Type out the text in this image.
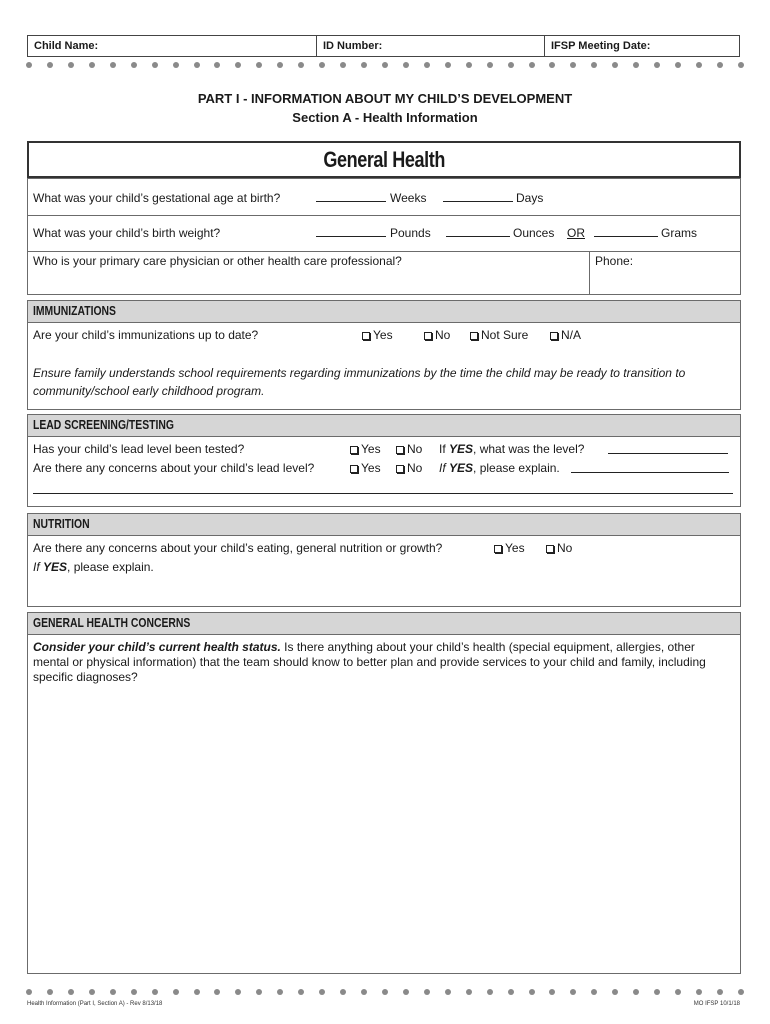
Child Name:	ID Number:	IFSP Meeting Date:
PART I - INFORMATION ABOUT MY CHILD’S DEVELOPMENT
Section A - Health Information
General Health
What was your child’s gestational age at birth?	Weeks	Days
What was your child’s birth weight?	Pounds	Ounces OR	Grams
Who is your primary care physician or other health care professional?	Phone:
IMMUNIZATIONS
Are your child’s immunizations up to date?	Yes	No	Not Sure	N/A
Ensure family understands school requirements regarding immunizations by the time the child may be ready to transition to community/school early childhood program.
LEAD SCREENING/TESTING
Has your child’s lead level been tested?	Yes	No If YES, what was the level?
Are there any concerns about your child’s lead level?	Yes	No If YES, please explain.
NUTRITION
Are there any concerns about your child’s eating, general nutrition or growth?	Yes	No
If YES, please explain.
GENERAL HEALTH CONCERNS
Consider your child’s current health status. Is there anything about your child’s health (special equipment, allergies, other mental or physical information) that the team should know to better plan and provide services to your child and family, including specific diagnoses?
Health Information (Part I, Section A) - Rev 8/13/18	MO IFSP 10/1/18
